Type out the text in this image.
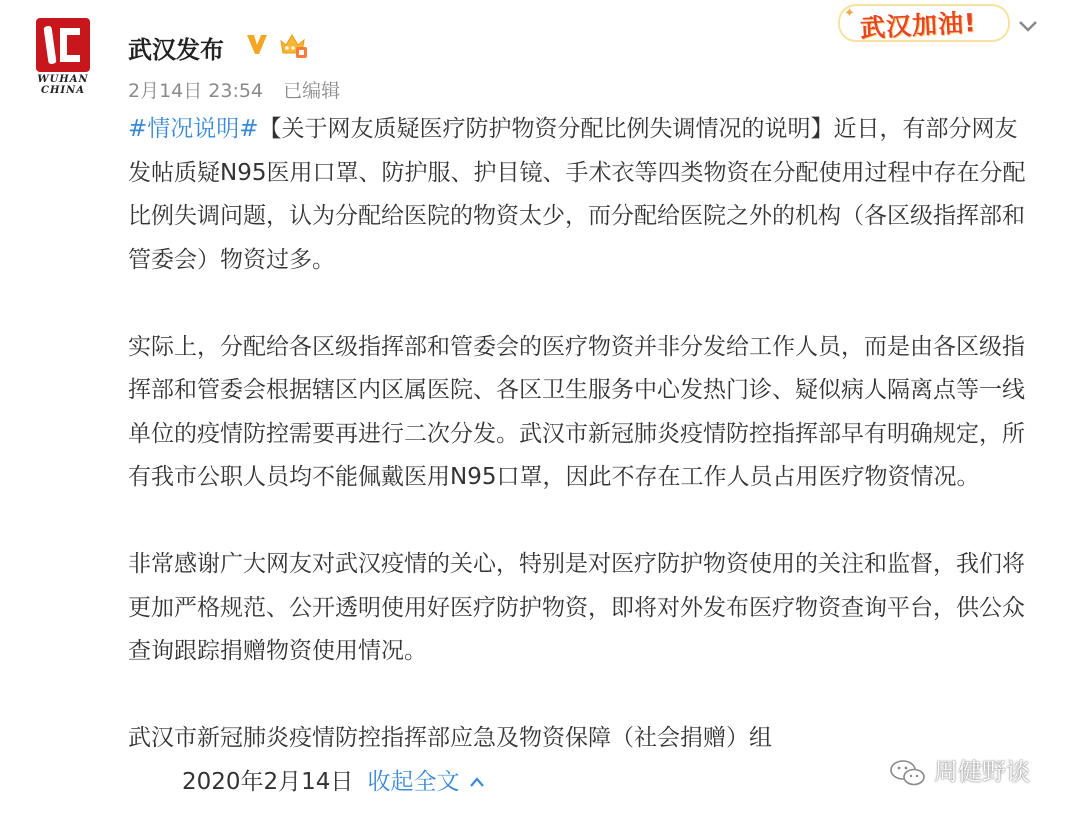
WUHAN
CHINA
武汉发布
2月14日 23:54 已编辑
✦ 武汉加油!

#情况说明#【关于网友质疑医疗防护物资分配比例失调情况的说明】近日，有部分网友发帖质疑N95医用口罩、防护服、护目镜、手术衣等四类物资在分配使用过程中存在分配比例失调问题，认为分配给医院的物资太少，而分配给医院之外的机构（各区级指挥部和管委会）物资过多。

实际上，分配给各区级指挥部和管委会的医疗物资并非分发给工作人员，而是由各区级指挥部和管委会根据辖区内区属医院、各区卫生服务中心发热门诊、疑似病人隔离点等一线单位的疫情防控需要再进行二次分发。武汉市新冠肺炎疫情防控指挥部早有明确规定，所有我市公职人员均不能佩戴医用N95口罩，因此不存在工作人员占用医疗物资情况。

非常感谢广大网友对武汉疫情的关心，特别是对医疗防护物资使用的关注和监督，我们将更加严格规范、公开透明使用好医疗防护物资，即将对外发布医疗物资查询平台，供公众查询跟踪捐赠物资使用情况。

武汉市新冠肺炎疫情防控指挥部应急及物资保障（社会捐赠）组

2020年2月14日 收起全文	周健野谈
